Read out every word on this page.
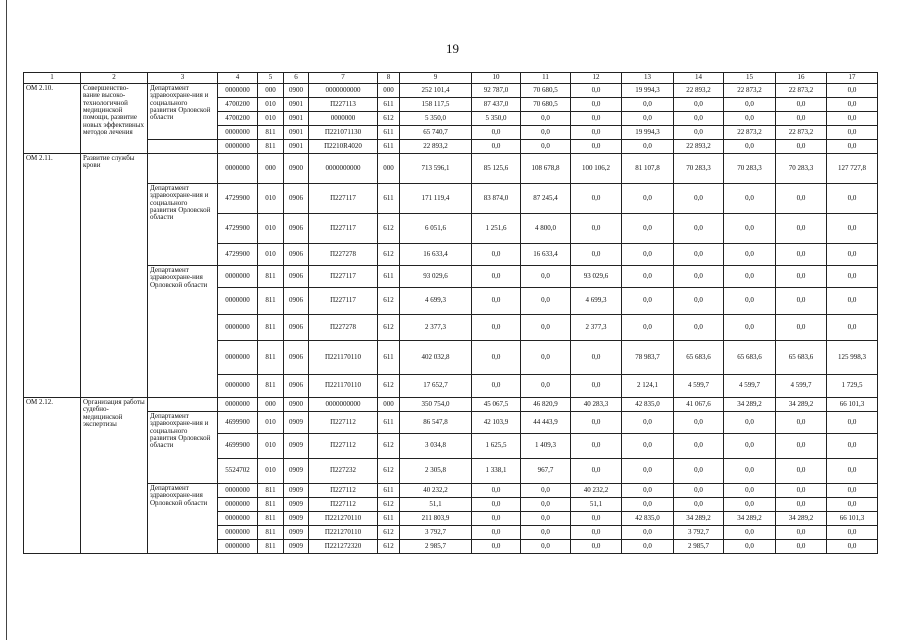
19
1	2	3	4	5	6	7	8	9	10	11	12	13	14	15	16	17
ОМ 2.10.	Совершенство-вание высоко-технологичной медицинской помощи, развитие новых эффективных методов лечения	Департамент здравоохране-ния и социального развития Орловской области	0000000	000	0900	0000000000	000	252 101,4	92 787,0	70 680,5	0,0	19 994,3	22 893,2	22 873,2	22 873,2	0,0
			4700200	010	0901	П227113	611	158 117,5	87 437,0	70 680,5	0,0	0,0	0,0	0,0	0,0	0,0
			4700200	010	0901	0000000	612	5 350,0	5 350,0	0,0	0,0	0,0	0,0	0,0	0,0	0,0
			0000000	811	0901	П221071130	611	65 740,7	0,0	0,0	0,0	19 994,3	0,0	22 873,2	22 873,2	0,0
			0000000	811	0901	П2210R4020	611	22 893,2	0,0	0,0	0,0	0,0	22 893,2	0,0	0,0	0,0
ОМ 2.11.	Развитие службы крови		0000000	000	0900	0000000000	000	713 596,1	85 125,6	108 678,8	100 106,2	81 107,8	70 283,3	70 283,3	70 283,3	127 727,8
		Департамент здравоохране-ния и социального развития Орловской области	4729900	010	0906	П227117	611	171 119,4	83 874,0	87 245,4	0,0	0,0	0,0	0,0	0,0	0,0
			4729900	010	0906	П227117	612	6 051,6	1 251,6	4 800,0	0,0	0,0	0,0	0,0	0,0	0,0
			4729900	010	0906	П227278	612	16 633,4	0,0	16 633,4	0,0	0,0	0,0	0,0	0,0	0,0
		Департамент здравоохране-ния Орловской области	0000000	811	0906	П227117	611	93 029,6	0,0	0,0	93 029,6	0,0	0,0	0,0	0,0	0,0
			0000000	811	0906	П227117	612	4 699,3	0,0	0,0	4 699,3	0,0	0,0	0,0	0,0	0,0
			0000000	811	0906	П227278	612	2 377,3	0,0	0,0	2 377,3	0,0	0,0	0,0	0,0	0,0
			0000000	811	0906	П221170110	611	402 032,8	0,0	0,0	0,0	78 983,7	65 683,6	65 683,6	65 683,6	125 998,3
			0000000	811	0906	П221170110	612	17 652,7	0,0	0,0	0,0	2 124,1	4 599,7	4 599,7	4 599,7	1 729,5
ОМ 2.12.	Организация работы судебно-медицинской экспертизы		0000000	000	0900	0000000000	000	350 754,0	45 067,5	46 820,9	40 283,3	42 835,0	41 067,6	34 289,2	34 289,2	66 101,3
		Департамент здравоохране-ния и социального развития Орловской области	4699900	010	0909	П227112	611	86 547,8	42 103,9	44 443,9	0,0	0,0	0,0	0,0	0,0	0,0
			4699900	010	0909	П227112	612	3 034,8	1 625,5	1 409,3	0,0	0,0	0,0	0,0	0,0	0,0
			5524702	010	0909	П227232	612	2 305,8	1 338,1	967,7	0,0	0,0	0,0	0,0	0,0	0,0
		Департамент здравоохране-ния Орловской области	0000000	811	0909	П227112	611	40 232,2	0,0	0,0	40 232,2	0,0	0,0	0,0	0,0	0,0
			0000000	811	0909	П227112	612	51,1	0,0	0,0	51,1	0,0	0,0	0,0	0,0	0,0
			0000000	811	0909	П221270110	611	211 803,9	0,0	0,0	0,0	42 835,0	34 289,2	34 289,2	34 289,2	66 101,3
			0000000	811	0909	П221270110	612	3 792,7	0,0	0,0	0,0	0,0	3 792,7	0,0	0,0	0,0
			0000000	811	0909	П221272320	612	2 985,7	0,0	0,0	0,0	0,0	2 985,7	0,0	0,0	0,0
